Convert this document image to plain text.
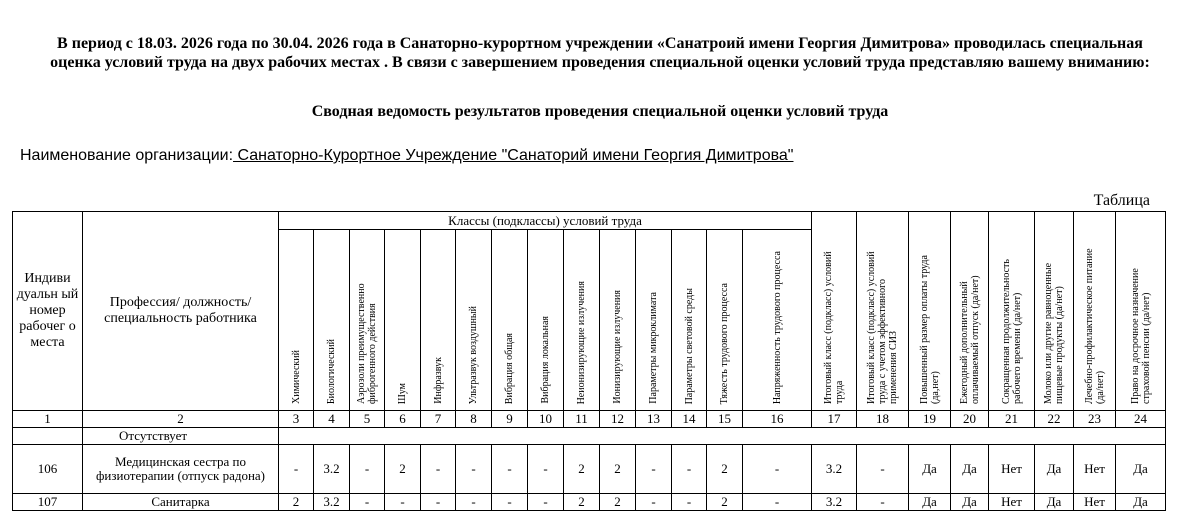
В период с 18.03. 2026 года по 30.04. 2026 года в Санаторно-курортном учреждении «Санатроий имени Георгия Димитрова» проводилась специальная оценка условий труда на двух рабочих местах . В связи с завершением проведения специальной оценки условий труда представляю вашему вниманию:
Сводная ведомость результатов проведения специальной оценки условий труда
Наименование организации: Санаторно-Курортное Учреждение "Санаторий имени Георгия Димитрова"
Таблица
Индиви дуальн ый номер рабочег о места	Профессия/ должность/ специальность работника	Классы (подклассы) условий труда														Итоговый класс (подкласс) условий труда	Итоговый класс (подкласс) условий труда с учетом эффективного применения СИЗ	Повышенный размер оплаты труда (да,нет)	Ежегодный дополнительный оплачиваемый отпуск (да/нет)	Сокращенная продолжительность рабочего времени (да/нет)	Молоко или другие равноценные пищевые продукты (да/нет)	Лечебно-профилактическое питание (да/нет)	Право на досрочное назначение страховой пенсии (да/нет)
		Химический	Биологический	Аэрозоли преимущественно фиброгенного действия	Шум	Инфразвук	Ультразвук воздушный	Вибрация общая	Вибрация локальная	Неионизирующие излучения	Ионизирующие излучения	Параметры микроклимата	Параметры световой среды	Тяжесть трудового процесса	Напряженность трудового процесса								
1	2	3	4	5	6	7	8	9	10	11	12	13	14	15	16	17	18	19	20	21	22	23	24
	Отсутствует																						
106	Медицинская сестра по физиотерапии (отпуск радона)	-	3.2	-	2	-	-	-	-	2	2	-	-	2	-	3.2	-	Да	Да	Нет	Да	Нет	Да
107	Санитарка	2	3.2	-	-	-	-	-	-	2	2	-	-	2	-	3.2	-	Да	Да	Нет	Да	Нет	Да
